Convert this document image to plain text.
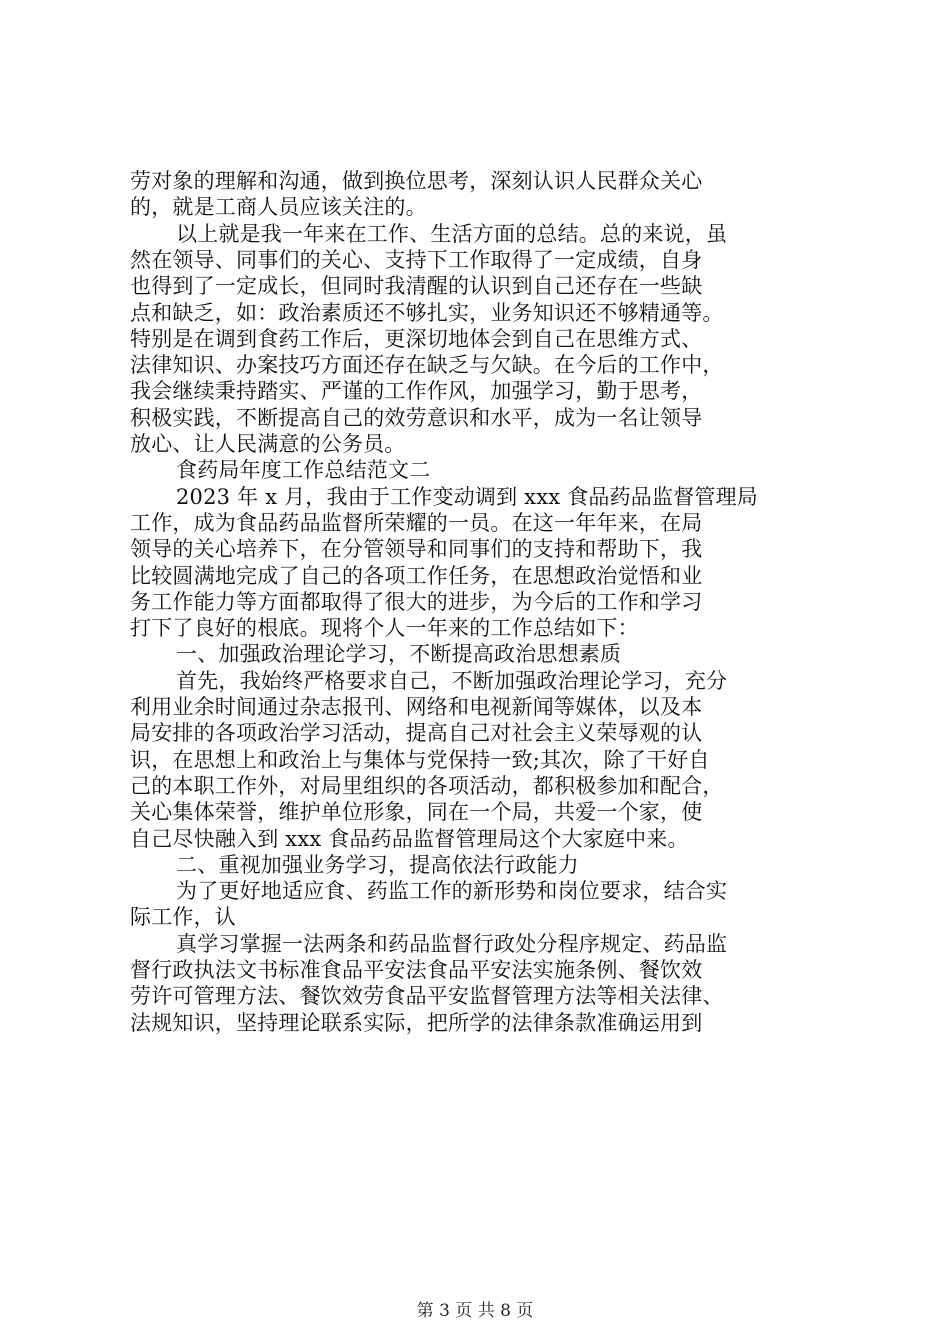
劳对象的理解和沟通，做到换位思考，深刻认识人民群众关心
的，就是工商人员应该关注的。
以上就是我一年来在工作、生活方面的总结。总的来说，虽
然在领导、同事们的关心、支持下工作取得了一定成绩，自身
也得到了一定成长，但同时我清醒的认识到自己还存在一些缺
点和缺乏，如：政治素质还不够扎实，业务知识还不够精通等。
特别是在调到食药工作后，更深切地体会到自己在思维方式、
法律知识、办案技巧方面还存在缺乏与欠缺。在今后的工作中，
我会继续秉持踏实、严谨的工作作风，加强学习，勤于思考，
积极实践，不断提高自己的效劳意识和水平，成为一名让领导
放心、让人民满意的公务员。
食药局年度工作总结范文二
2023 年 x 月，我由于工作变动调到 xxx 食品药品监督管理局
工作，成为食品药品监督所荣耀的一员。在这一年年来，在局
领导的关心培养下，在分管领导和同事们的支持和帮助下，我
比较圆满地完成了自己的各项工作任务，在思想政治觉悟和业
务工作能力等方面都取得了很大的进步，为今后的工作和学习
打下了良好的根底。现将个人一年来的工作总结如下：
一、加强政治理论学习，不断提高政治思想素质
首先，我始终严格要求自己，不断加强政治理论学习，充分
利用业余时间通过杂志报刊、网络和电视新闻等媒体，以及本
局安排的各项政治学习活动，提高自己对社会主义荣辱观的认
识，在思想上和政治上与集体与党保持一致;其次，除了干好自
己的本职工作外，对局里组织的各项活动，都积极参加和配合，
关心集体荣誉，维护单位形象，同在一个局，共爱一个家，使
自己尽快融入到 xxx 食品药品监督管理局这个大家庭中来。
二、重视加强业务学习，提高依法行政能力
为了更好地适应食、药监工作的新形势和岗位要求，结合实
际工作，认
真学习掌握一法两条和药品监督行政处分程序规定、药品监
督行政执法文书标准食品平安法食品平安法实施条例、餐饮效
劳许可管理方法、餐饮效劳食品平安监督管理方法等相关法律、
法规知识，坚持理论联系实际，把所学的法律条款准确运用到
第 3 页 共 8 页
